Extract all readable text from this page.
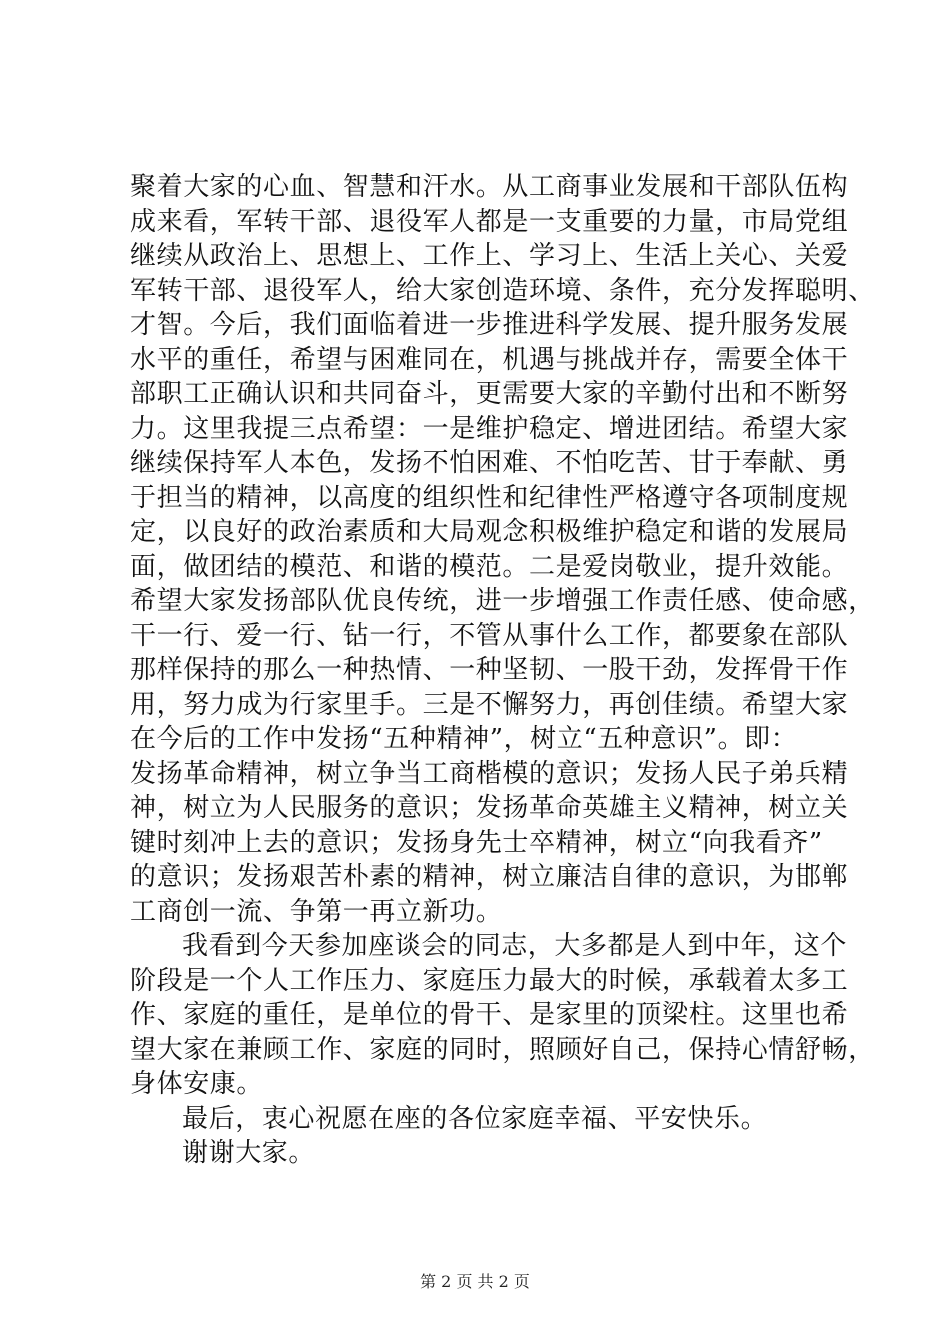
聚着大家的心血、智慧和汗水。从工商事业发展和干部队伍构
成来看，军转干部、退役军人都是一支重要的力量，市局党组
继续从政治上、思想上、工作上、学习上、生活上关心、关爱
军转干部、退役军人，给大家创造环境、条件，充分发挥聪明、
才智。今后，我们面临着进一步推进科学发展、提升服务发展
水平的重任，希望与困难同在，机遇与挑战并存，需要全体干
部职工正确认识和共同奋斗，更需要大家的辛勤付出和不断努
力。这里我提三点希望：一是维护稳定、增进团结。希望大家
继续保持军人本色，发扬不怕困难、不怕吃苦、甘于奉献、勇
于担当的精神，以高度的组织性和纪律性严格遵守各项制度规
定，以良好的政治素质和大局观念积极维护稳定和谐的发展局
面，做团结的模范、和谐的模范。二是爱岗敬业，提升效能。
希望大家发扬部队优良传统，进一步增强工作责任感、使命感，
干一行、爱一行、钻一行，不管从事什么工作，都要象在部队
那样保持的那么一种热情、一种坚韧、一股干劲，发挥骨干作
用，努力成为行家里手。三是不懈努力，再创佳绩。希望大家
在今后的工作中发扬“五种精神”，树立“五种意识”。即：
发扬革命精神，树立争当工商楷模的意识；发扬人民子弟兵精
神，树立为人民服务的意识；发扬革命英雄主义精神，树立关
键时刻冲上去的意识；发扬身先士卒精神，树立“向我看齐”
的意识；发扬艰苦朴素的精神，树立廉洁自律的意识，为邯郸
工商创一流、争第一再立新功。
我看到今天参加座谈会的同志，大多都是人到中年，这个
阶段是一个人工作压力、家庭压力最大的时候，承载着太多工
作、家庭的重任，是单位的骨干、是家里的顶梁柱。这里也希
望大家在兼顾工作、家庭的同时，照顾好自己，保持心情舒畅，
身体安康。
最后，衷心祝愿在座的各位家庭幸福、平安快乐。
谢谢大家。
第 2 页 共 2 页
